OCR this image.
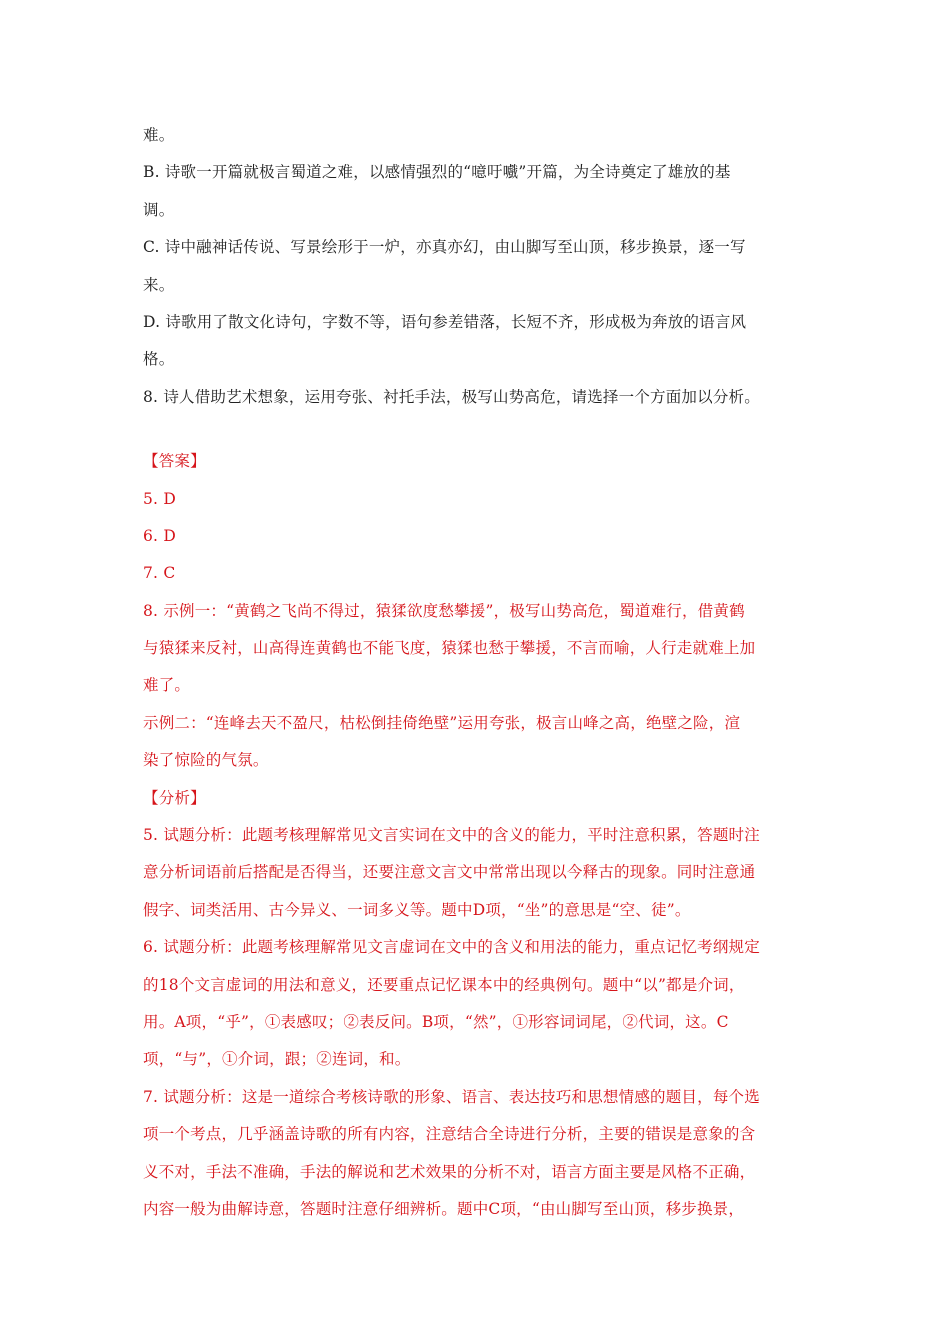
难。
B. 诗歌一开篇就极言蜀道之难，以感情强烈的“噫吁嚱”开篇，为全诗奠定了雄放的基
调。
C. 诗中融神话传说、写景绘形于一炉，亦真亦幻，由山脚写至山顶，移步换景，逐一写
来。
D. 诗歌用了散文化诗句，字数不等，语句参差错落，长短不齐，形成极为奔放的语言风
格。
8. 诗人借助艺术想象，运用夸张、衬托手法，极写山势高危，请选择一个方面加以分析。
【答案】
5. D
6. D
7. C
8. 示例一：“黄鹤之飞尚不得过，猿猱欲度愁攀援”，极写山势高危，蜀道难行，借黄鹤
与猿猱来反衬，山高得连黄鹤也不能飞度，猿猱也愁于攀援，不言而喻，人行走就难上加
难了。
示例二：“连峰去天不盈尺，枯松倒挂倚绝壁”运用夸张，极言山峰之高，绝壁之险，渲
染了惊险的气氛。
【分析】
5. 试题分析：此题考核理解常见文言实词在文中的含义的能力，平时注意积累，答题时注
意分析词语前后搭配是否得当，还要注意文言文中常常出现以今释古的现象。同时注意通
假字、词类活用、古今异义、一词多义等。题中D项，“坐”的意思是“空、徒”。
6. 试题分析：此题考核理解常见文言虚词在文中的含义和用法的能力，重点记忆考纲规定
的18个文言虚词的用法和意义，还要重点记忆课本中的经典例句。题中“以”都是介词，
用。A项，“乎”，①表感叹；②表反问。B项，“然”，①形容词词尾，②代词，这。C
项，“与”，①介词，跟；②连词，和。
7. 试题分析：这是一道综合考核诗歌的形象、语言、表达技巧和思想情感的题目，每个选
项一个考点，几乎涵盖诗歌的所有内容，注意结合全诗进行分析，主要的错误是意象的含
义不对，手法不准确，手法的解说和艺术效果的分析不对，语言方面主要是风格不正确，
内容一般为曲解诗意，答题时注意仔细辨析。题中C项，“由山脚写至山顶，移步换景，
